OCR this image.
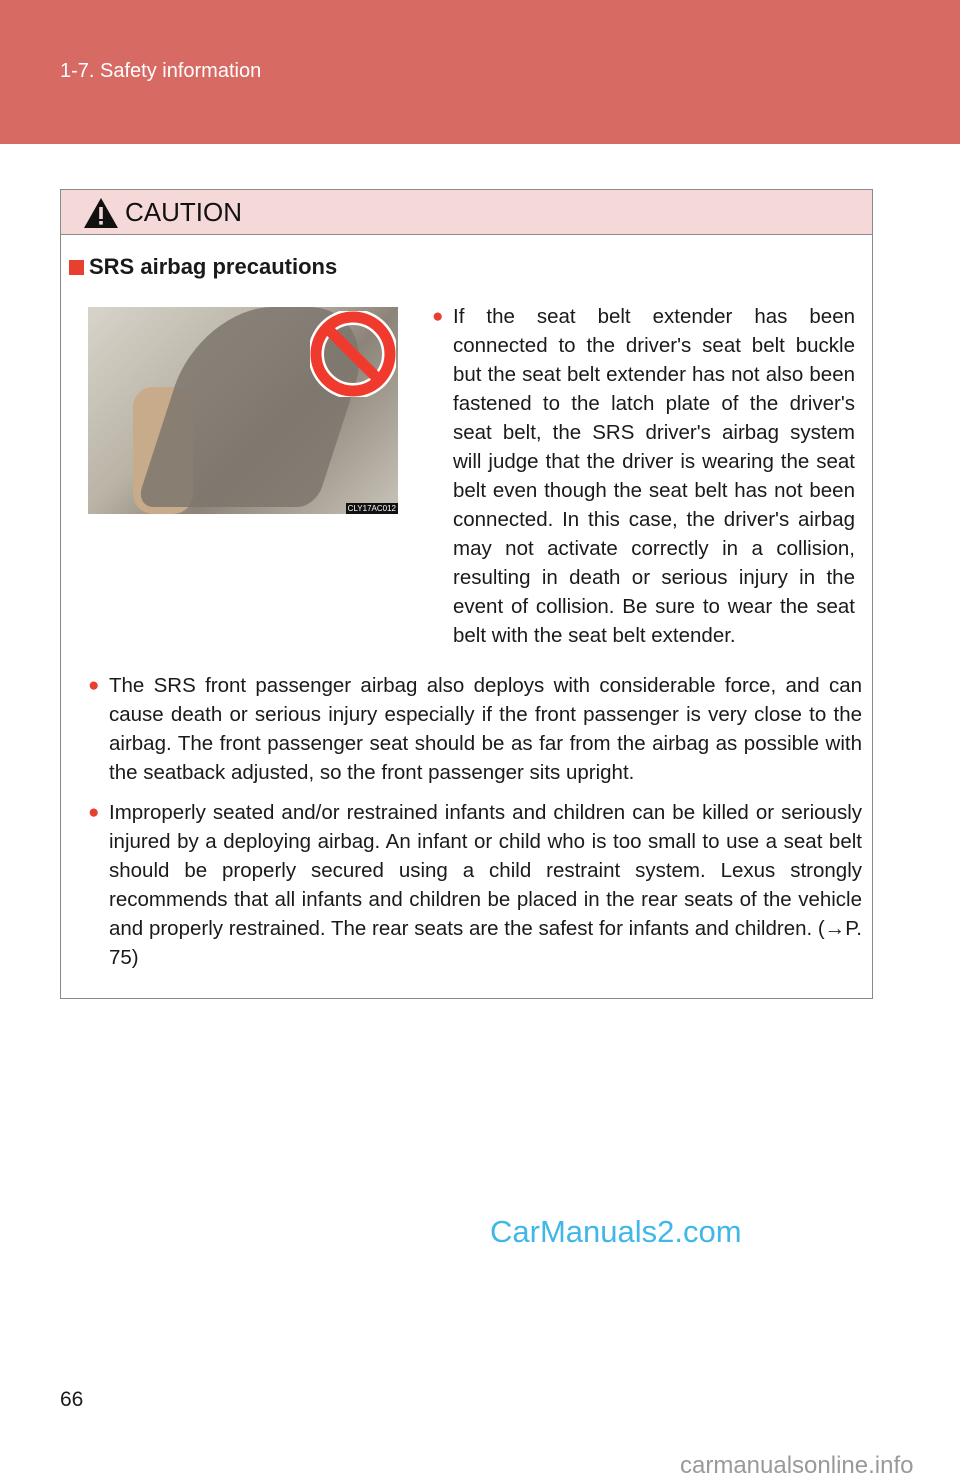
1-7. Safety information
CAUTION
SRS airbag precautions
CLY17AC012
● If the seat belt extender has been connected to the driver's seat belt buckle but the seat belt extender has not also been fastened to the latch plate of the driver's seat belt, the SRS driver's airbag system will judge that the driver is wearing the seat belt even though the seat belt has not been connected. In this case, the driver's airbag may not activate correctly in a collision, resulting in death or serious injury in the event of collision. Be sure to wear the seat belt with the seat belt extender.
● The SRS front passenger airbag also deploys with considerable force, and can cause death or serious injury especially if the front passenger is very close to the airbag. The front passenger seat should be as far from the airbag as possible with the seatback adjusted, so the front passenger sits upright.
● Improperly seated and/or restrained infants and children can be killed or seriously injured by a deploying airbag. An infant or child who is too small to use a seat belt should be properly secured using a child restraint system. Lexus strongly recommends that all infants and children be placed in the rear seats of the vehicle and properly restrained. The rear seats are the safest for infants and children. (→P. 75)
CarManuals2.com
66
carmanualsonline.info
